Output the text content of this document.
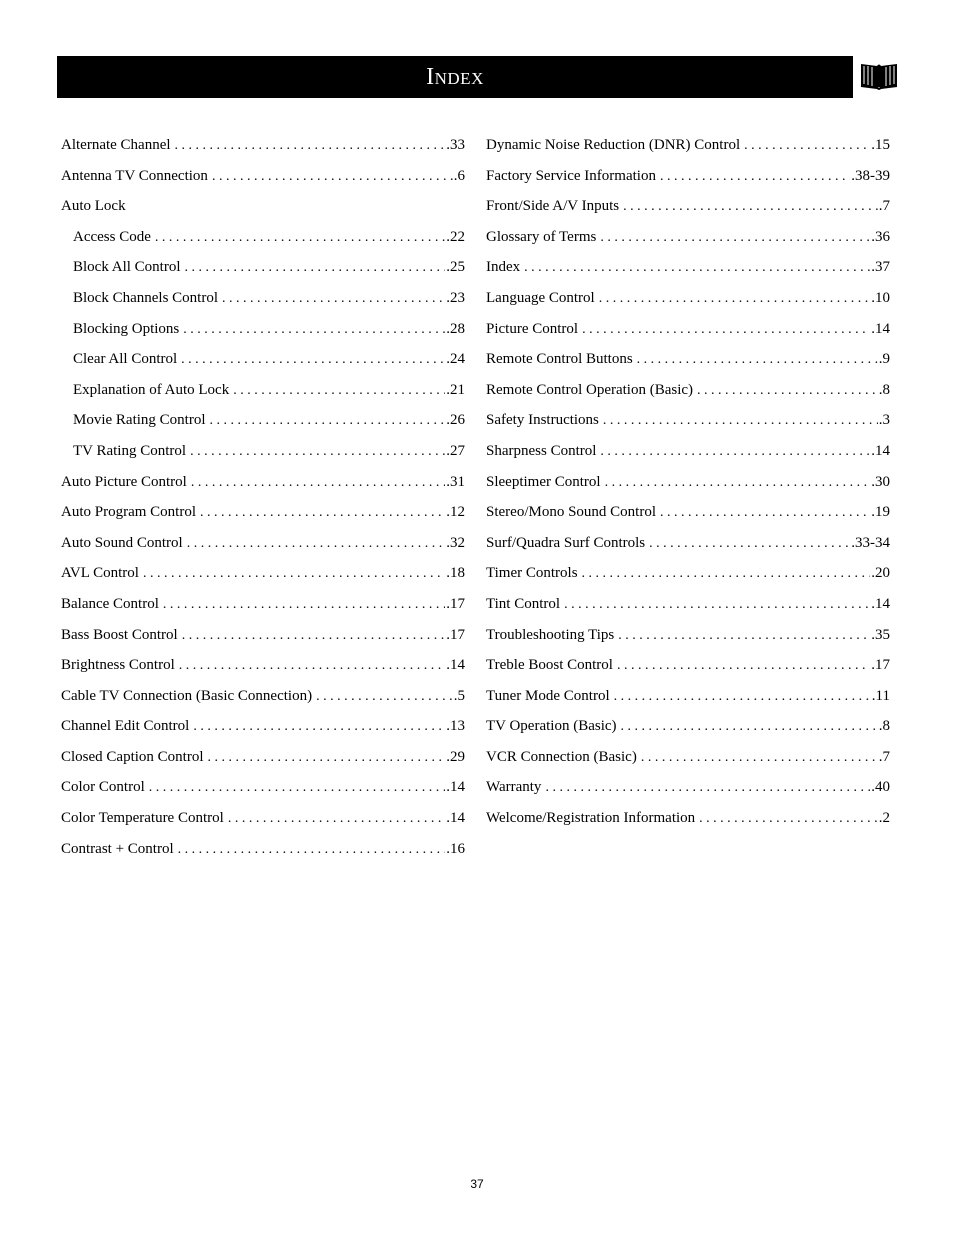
Index
Alternate Channel . . .	.33
Antenna TV Connection . . .	.6
Auto Lock
Access Code . . .	.22
Block All Control . . .	.25
Block Channels Control . . .	.23
Blocking Options . . .	.28
Clear All Control . . .	.24
Explanation of Auto Lock . . .	.21
Movie Rating Control . . .	.26
TV Rating Control . . .	.27
Auto Picture Control . . .	.31
Auto Program Control . . .	.12
Auto Sound Control . . .	.32
AVL Control . . .	.18
Balance Control . . .	.17
Bass Boost Control . . .	.17
Brightness Control . . .	.14
Cable TV Connection (Basic Connection) . . .	.5
Channel Edit Control . . .	.13
Closed Caption Control . . .	.29
Color Control . . .	.14
Color Temperature Control . . .	.14
Contrast + Control . . .	.16
Dynamic Noise Reduction (DNR) Control . . .	.15
Factory Service Information . . .	.38-39
Front/Side A/V Inputs . . .	.7
Glossary of Terms . . .	.36
Index . . .	.37
Language Control . . .	.10
Picture Control . . .	.14
Remote Control Buttons . . .	.9
Remote Control Operation (Basic) . . .	.8
Safety Instructions . . .	.3
Sharpness Control . . .	.14
Sleeptimer Control . . .	.30
Stereo/Mono Sound Control . . .	.19
Surf/Quadra Surf Controls . . .	.33-34
Timer Controls . . .	.20
Tint Control . . .	.14
Troubleshooting Tips . . .	.35
Treble Boost Control . . .	.17
Tuner Mode Control . . .	.11
TV Operation (Basic) . . .	.8
VCR Connection (Basic) . . .	.7
Warranty . . .	.40
Welcome/Registration Information . . .	.2
37
